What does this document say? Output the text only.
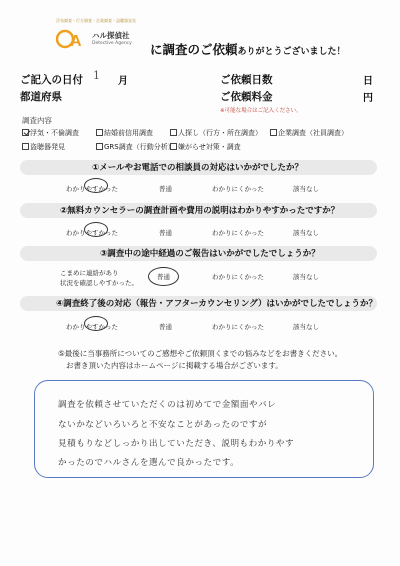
浮気調査・行方調査・企業調査・盗聴器発見
A ハル探偵社
Detective Agency に調査のご依頼ありがとうございました！
ご記入の日付 1 月
都道府県
ご依頼日数	日
ご依頼料金	円
※可能な場合はご記入ください。
調査内容
浮気・不倫調査	結婚前信用調査	人探し（行方・所在調査）	企業調査（社員調査）
盗聴器発見	GRS調査（行動分析） 嫌がらせ対策・調査
①メールやお電話での相談員の対応はいかがでしたか？
わかりやすかった	普通	わかりにくかった	該当なし
②無料カウンセラーの調査計画や費用の説明はわかりやすかったですか？
わかりやすかった	普通	わかりにくかった	該当なし
③調査中の途中経過のご報告はいかがでしたでしょうか？
こまめに連絡があり
状況を確認しやすかった。
普通	わかりにくかった	該当なし
④調査終了後の対応（報告・アフターカウンセリング）はいかがでしたでしょうか？
わかりやすかった	普通	わかりにくかった	該当なし
⑤最後に当事務所についてのご感想やご依頼頂くまでの悩みなどをお書きください。
お書き頂いた内容はホームページに掲載する場合がございます。
調査を依頼させていただくのは初めてで金額面やバレ
ないかなどいろいろと不安なことがあったのですが
見積もりなどしっかり出していただき、説明もわかりやす
かったのでハルさんを選んで良かったです。
